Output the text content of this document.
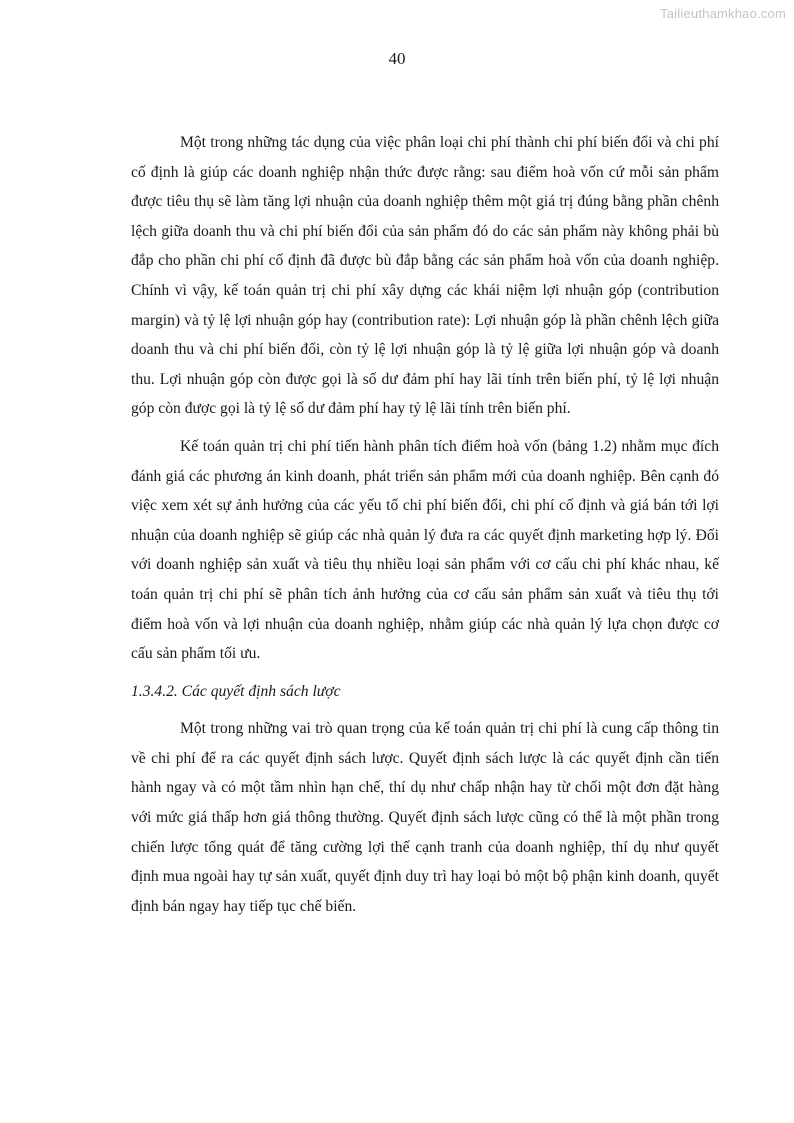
Tailieuthamkhao.com
40

Một trong những tác dụng của việc phân loại chi phí thành chi phí biến đổi và chi phí cố định là giúp các doanh nghiệp nhận thức được rằng: sau điểm hoà vốn cứ mỗi sản phẩm được tiêu thụ sẽ làm tăng lợi nhuận của doanh nghiệp thêm một giá trị đúng bằng phần chênh lệch giữa doanh thu và chi phí biến đổi của sản phẩm đó do các sản phẩm này không phải bù đắp cho phần chi phí cố định đã được bù đắp bằng các sản phẩm hoà vốn của doanh nghiệp. Chính vì vậy, kế toán quản trị chi phí xây dựng các khái niệm lợi nhuận góp (contribution margin) và tỷ lệ lợi nhuận góp hay (contribution rate): Lợi nhuận góp là phần chênh lệch giữa doanh thu và chi phí biến đổi, còn tỷ lệ lợi nhuận góp là tỷ lệ giữa lợi nhuận góp và doanh thu. Lợi nhuận góp còn được gọi là số dư đảm phí hay lãi tính trên biến phí, tỷ lệ lợi nhuận góp còn được gọi là tỷ lệ số dư đảm phí hay tỷ lệ lãi tính trên biến phí.

Kế toán quản trị chi phí tiến hành phân tích điểm hoà vốn (bảng 1.2) nhằm mục đích đánh giá các phương án kinh doanh, phát triển sản phẩm mới của doanh nghiệp. Bên cạnh đó việc xem xét sự ảnh hưởng của các yếu tố chi phí biến đổi, chi phí cố định và giá bán tới lợi nhuận của doanh nghiệp sẽ giúp các nhà quản lý đưa ra các quyết định marketing hợp lý. Đối với doanh nghiệp sản xuất và tiêu thụ nhiều loại sản phẩm với cơ cấu chi phí khác nhau, kế toán quản trị chi phí sẽ phân tích ảnh hưởng của cơ cấu sản phẩm sản xuất và tiêu thụ tới điểm hoà vốn và lợi nhuận của doanh nghiệp, nhằm giúp các nhà quản lý lựa chọn được cơ cấu sản phẩm tối ưu.

1.3.4.2. Các quyết định sách lược

Một trong những vai trò quan trọng của kế toán quản trị chi phí là cung cấp thông tin về chi phí để ra các quyết định sách lược. Quyết định sách lược là các quyết định cần tiến hành ngay và có một tầm nhìn hạn chế, thí dụ như chấp nhận hay từ chối một đơn đặt hàng với mức giá thấp hơn giá thông thường. Quyết định sách lược cũng có thể là một phần trong chiến lược tổng quát để tăng cường lợi thế cạnh tranh của doanh nghiệp, thí dụ như quyết định mua ngoài hay tự sản xuất, quyết định duy trì hay loại bỏ một bộ phận kinh doanh, quyết định bán ngay hay tiếp tục chế biến.
